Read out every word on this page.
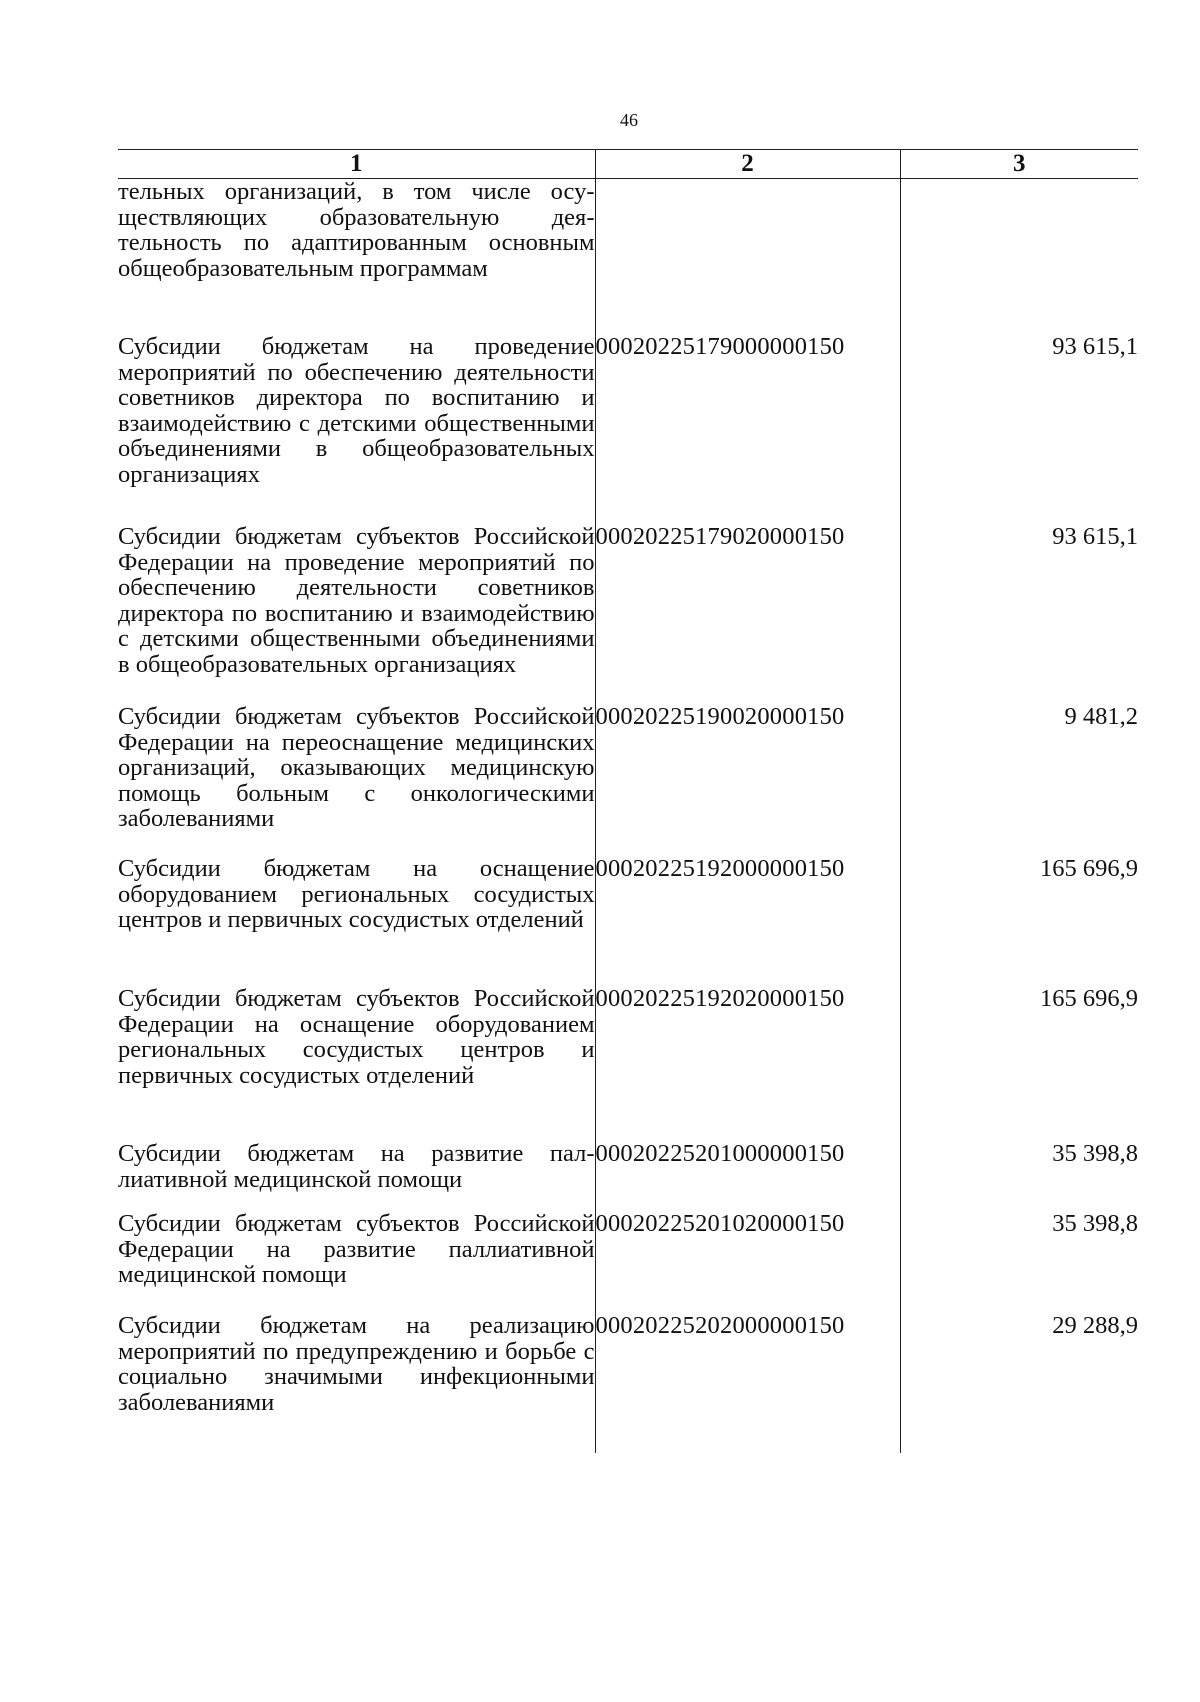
46
1	2	3
тельных организаций, в том числе осуществляющих образовательную деятельность по адаптированным основным общеобразовательным программам		
Субсидии бюджетам на проведение мероприятий по обеспечению деятельности советников директора по воспитанию и взаимодействию с детскими общественными объединениями в общеобразовательных организациях	00020225179000000150	93 615,1
Субсидии бюджетам субъектов Российской Федерации на проведение мероприятий по обеспечению деятельности советников директора по воспитанию и взаимодействию с детскими общественными объединениями в общеобразовательных организациях	00020225179020000150	93 615,1
Субсидии бюджетам субъектов Российской Федерации на переоснащение медицинских организаций, оказывающих медицинскую помощь больным с онкологическими заболеваниями	00020225190020000150	9 481,2
Субсидии бюджетам на оснащение оборудованием региональных сосудистых центров и первичных сосудистых отделений	00020225192000000150	165 696,9
Субсидии бюджетам субъектов Российской Федерации на оснащение оборудованием региональных сосудистых центров и первичных сосудистых отделений	00020225192020000150	165 696,9
Субсидии бюджетам на развитие паллиативной медицинской помощи	00020225201000000150	35 398,8
Субсидии бюджетам субъектов Российской Федерации на развитие паллиативной медицинской помощи	00020225201020000150	35 398,8
Субсидии бюджетам на реализацию мероприятий по предупреждению и борьбе с социально значимыми инфекционными заболеваниями	00020225202000000150	29 288,9
